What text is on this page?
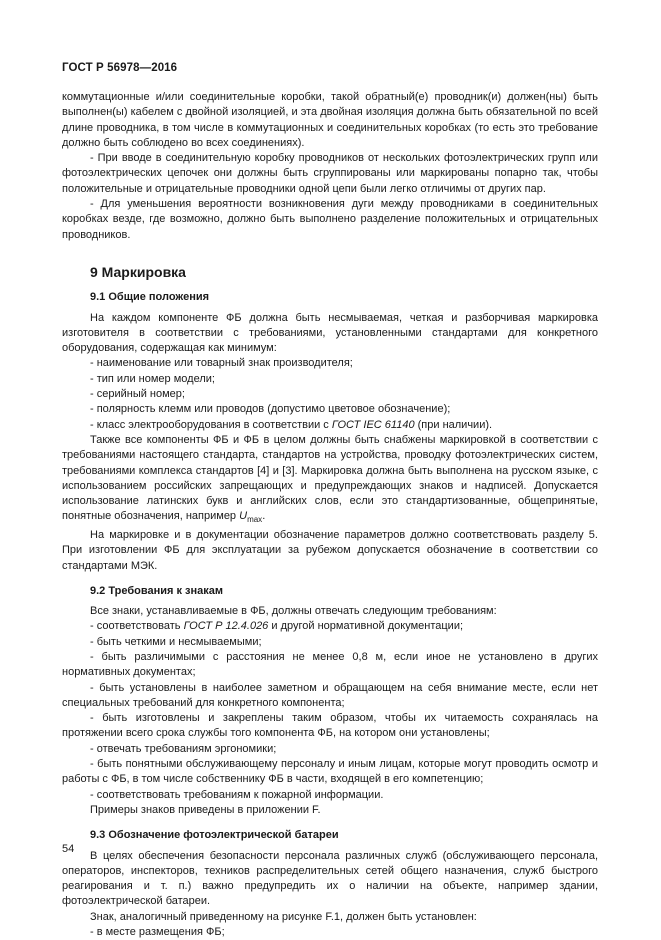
ГОСТ Р 56978—2016

коммутационные и/или соединительные коробки, такой обратный(е) проводник(и) должен(ны) быть выполнен(ы) кабелем с двойной изоляцией, и эта двойная изоляция должна быть обязательной по всей длине проводника, в том числе в коммутационных и соединительных коробках (то есть это требование должно быть соблюдено во всех соединениях).

- При вводе в соединительную коробку проводников от нескольких фотоэлектрических групп или фотоэлектрических цепочек они должны быть сгруппированы или маркированы попарно так, чтобы положительные и отрицательные проводники одной цепи были легко отличимы от других пар.

- Для уменьшения вероятности возникновения дуги между проводниками в соединительных коробках везде, где возможно, должно быть выполнено разделение положительных и отрицательных проводников.

9 Маркировка

9.1 Общие положения

На каждом компоненте ФБ должна быть несмываемая, четкая и разборчивая маркировка изготовителя в соответствии с требованиями, установленными стандартами для конкретного оборудования, содержащая как минимум:

- наименование или товарный знак производителя;

- тип или номер модели;

- серийный номер;

- полярность клемм или проводов (допустимо цветовое обозначение);

- класс электрооборудования в соответствии с ГОСТ IEC 61140 (при наличии).

Также все компоненты ФБ и ФБ в целом должны быть снабжены маркировкой в соответствии с требованиями настоящего стандарта, стандартов на устройства, проводку фотоэлектрических систем, требованиями комплекса стандартов [4] и [3]. Маркировка должна быть выполнена на русском языке, с использованием российских запрещающих и предупреждающих знаков и надписей. Допускается использование латинских букв и английских слов, если это стандартизованные, общепринятые, понятные обозначения, например $U_{max}$.

На маркировке и в документации обозначение параметров должно соответствовать разделу 5. При изготовлении ФБ для эксплуатации за рубежом допускается обозначение в соответствии со стандартами МЭК.

9.2 Требования к знакам

Все знаки, устанавливаемые в ФБ, должны отвечать следующим требованиям:

- соответствовать ГОСТ Р 12.4.026 и другой нормативной документации;

- быть четкими и несмываемыми;

- быть различимыми с расстояния не менее 0,8 м, если иное не установлено в других нормативных документах;

- быть установлены в наиболее заметном и обращающем на себя внимание месте, если нет специальных требований для конкретного компонента;

- быть изготовлены и закреплены таким образом, чтобы их читаемость сохранялась на протяжении всего срока службы того компонента ФБ, на котором они установлены;

- отвечать требованиям эргономики;

- быть понятными обслуживающему персоналу и иным лицам, которые могут проводить осмотр и работы с ФБ, в том числе собственнику ФБ в части, входящей в его компетенцию;

- соответствовать требованиям к пожарной информации.

Примеры знаков приведены в приложении F.

9.3 Обозначение фотоэлектрической батареи

В целях обеспечения безопасности персонала различных служб (обслуживающего персонала, операторов, инспекторов, техников распределительных сетей общего назначения, служб быстрого реагирования и т. п.) важно предупредить их о наличии на объекте, например здании, фотоэлектрической батареи.

Знак, аналогичный приведенному на рисунке F.1, должен быть установлен:

- в месте размещения ФБ;

54
